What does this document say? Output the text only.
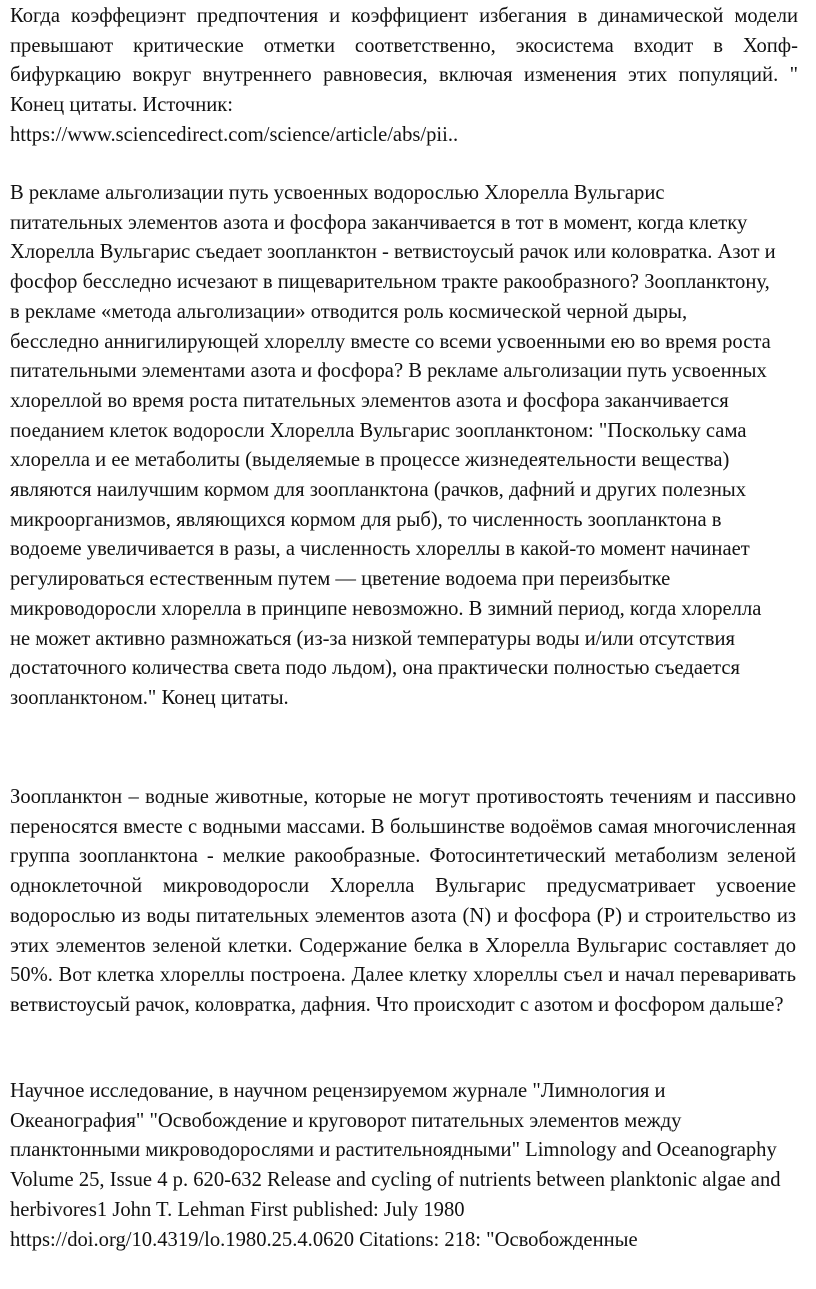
Когда коэффециэнт предпочтения и коэффициент избегания в динамической модели превышают критические отметки соответственно, экосистема входит в Хопф-бифуркацию вокруг внутреннего равновесия, включая изменения этих популяций. " Конец цитаты. Источник:
https://www.sciencedirect.com/science/article/abs/pii..

В рекламе альголизации путь усвоенных водорослью Хлорелла Вульгарис питательных элементов азота и фосфора заканчивается в тот в момент, когда клетку Хлорелла Вульгарис съедает зоопланктон - ветвистоусый рачок или коловратка. Азот и фосфор бесследно исчезают в пищеварительном тракте ракообразного? Зоопланктону, в рекламе «метода альголизации» отводится роль космической черной дыры, бесследно аннигилирующей хлореллу вместе со всеми усвоенными ею во время роста питательными элементами азота и фосфора? В рекламе альголизации путь усвоенных хлореллой во время роста питательных элементов азота и фосфора заканчивается поеданием клеток водоросли Хлорелла Вульгарис зоопланктоном: "Поскольку сама хлорелла и ее метаболиты (выделяемые в процессе жизнедеятельности вещества) являются наилучшим кормом для зоопланктона (рачков, дафний и других полезных микроорганизмов, являющихся кормом для рыб), то численность зоопланктона в водоеме увеличивается в разы, а численность хлореллы в какой-то момент начинает регулироваться естественным путем — цветение водоема при переизбытке микроводоросли хлорелла в принципе невозможно. В зимний период, когда хлорелла не может активно размножаться (из-за низкой температуры воды и/или отсутствия достаточного количества света подо льдом), она практически полностью съедается зоопланктоном." Конец цитаты.

Зоопланктон – водные животные, которые не могут противостоять течениям и пассивно переносятся вместе с водными массами. В большинстве водоёмов самая многочисленная группа зоопланктона - мелкие ракообразные. Фотосинтетический метаболизм зеленой одноклеточной микроводоросли Хлорелла Вульгарис предусматривает усвоение водорослью из воды питательных элементов азота (N) и фосфора (P) и строительство из этих элементов зеленой клетки. Содержание белка в Хлорелла Вульгарис составляет до 50%. Вот клетка хлореллы построена. Далее клетку хлореллы съел и начал переваривать ветвистоусый рачок, коловратка, дафния. Что происходит с азотом и фосфором дальше?

Научное исследование, в научном рецензируемом журнале "Лимнология и Океанография" "Освобождение и круговорот питательных элементов между планктонными микроводорослями и растительноядными" Limnology and Oceanography Volume 25, Issue 4 p. 620-632 Release and cycling of nutrients between planktonic algae and herbivores1 John T. Lehman First published: July 1980 https://doi.org/10.4319/lo.1980.25.4.0620 Citations: 218: "Освобожденные
